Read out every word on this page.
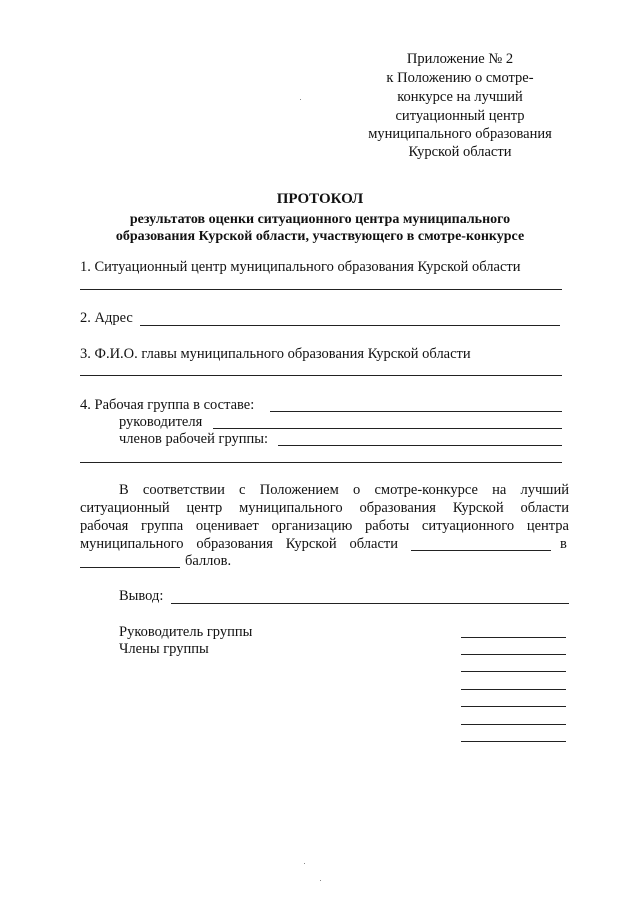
Приложение № 2
к Положению о смотре-
конкурсе на лучший
ситуационный центр
муниципального образования
Курской области
ПРОТОКОЛ
результатов оценки ситуационного центра муниципального
образования Курской области, участвующего в смотре-конкурсе
1. Ситуационный центр муниципального образования Курской области
2. Адрес
3. Ф.И.О. главы муниципального образования Курской области
4. Рабочая группа в составе:
руководителя
членов рабочей группы:
В соответствии с Положением о смотре-конкурсе на лучший
ситуационный центр муниципального образования Курской области
рабочая группа оценивает организацию работы ситуационного центра
муниципального образования Курской области	в
баллов.
Вывод:
Руководитель группы
Члены группы
